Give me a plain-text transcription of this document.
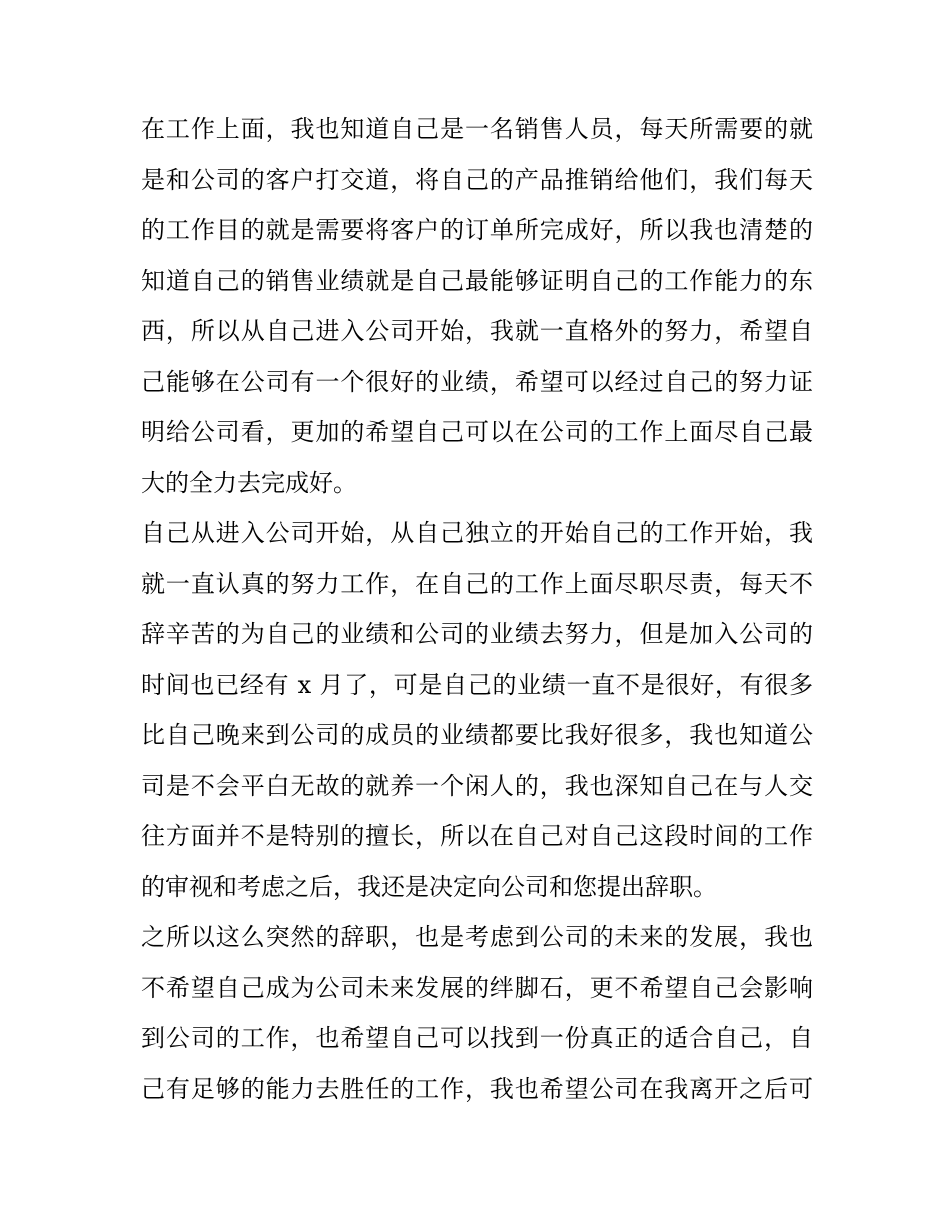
在工作上面，我也知道自己是一名销售人员，每天所需要的就
是和公司的客户打交道，将自己的产品推销给他们，我们每天
的工作目的就是需要将客户的订单所完成好，所以我也清楚的
知道自己的销售业绩就是自己最能够证明自己的工作能力的东
西，所以从自己进入公司开始，我就一直格外的努力，希望自
己能够在公司有一个很好的业绩，希望可以经过自己的努力证
明给公司看，更加的希望自己可以在公司的工作上面尽自己最
大的全力去完成好。
自己从进入公司开始，从自己独立的开始自己的工作开始，我
就一直认真的努力工作，在自己的工作上面尽职尽责，每天不
辞辛苦的为自己的业绩和公司的业绩去努力，但是加入公司的
时间也已经有 x 月了，可是自己的业绩一直不是很好，有很多
比自己晚来到公司的成员的业绩都要比我好很多，我也知道公
司是不会平白无故的就养一个闲人的，我也深知自己在与人交
往方面并不是特别的擅长，所以在自己对自己这段时间的工作
的审视和考虑之后，我还是决定向公司和您提出辞职。
之所以这么突然的辞职，也是考虑到公司的未来的发展，我也
不希望自己成为公司未来发展的绊脚石，更不希望自己会影响
到公司的工作，也希望自己可以找到一份真正的适合自己，自
己有足够的能力去胜任的工作，我也希望公司在我离开之后可
